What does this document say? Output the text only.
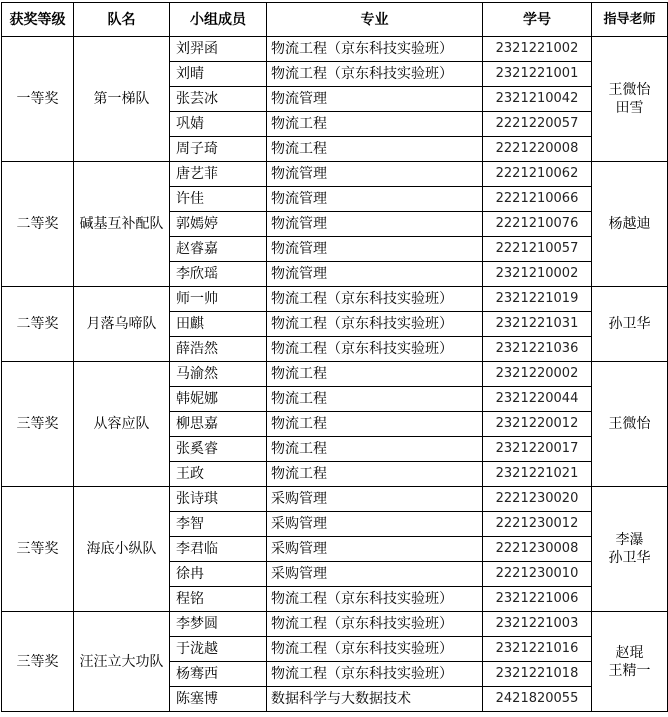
获奖等级	队名	小组成员	专业	学号	指导老师
一等奖	第一梯队	刘羿函	物流工程（京东科技实验班）	2321221002	王微怡
田雪
		刘晴	物流工程（京东科技实验班）	2321221001	
		张芸冰	物流管理	2321210042	
		巩婧	物流工程	2221220057	
		周子琦	物流工程	2221220008	
二等奖	碱基互补配队	唐艺菲	物流管理	2221210062	杨越迪
		许佳	物流管理	2221210066	
		郭嫣婷	物流管理	2221210076	
		赵睿嘉	物流管理	2221210057	
		李欣瑶	物流管理	2321210002	
二等奖	月落乌啼队	师一帅	物流工程（京东科技实验班）	2321221019	孙卫华
		田麒	物流工程（京东科技实验班）	2321221031	
		薛浩然	物流工程（京东科技实验班）	2321221036	
三等奖	从容应队	马渝然	物流工程	2321220002	王微怡
		韩妮娜	物流工程	2321220044	
		柳思嘉	物流工程	2321220012	
		张奚睿	物流工程	2321220017	
		王政	物流工程	2321221021	
三等奖	海底小纵队	张诗琪	采购管理	2221230020	李瀑
孙卫华
		李智	采购管理	2221230012	
		李君临	采购管理	2221230008	
		徐冉	采购管理	2221230010	
		程铭	物流工程（京东科技实验班）	2321221006	
三等奖	汪汪立大功队	李梦圆	物流工程（京东科技实验班）	2321221003	赵琨
王精一
		于泷越	物流工程（京东科技实验班）	2321221016	
		杨骞西	物流工程（京东科技实验班）	2321221018	
		陈塞博	数据科学与大数据技术	2421820055	
